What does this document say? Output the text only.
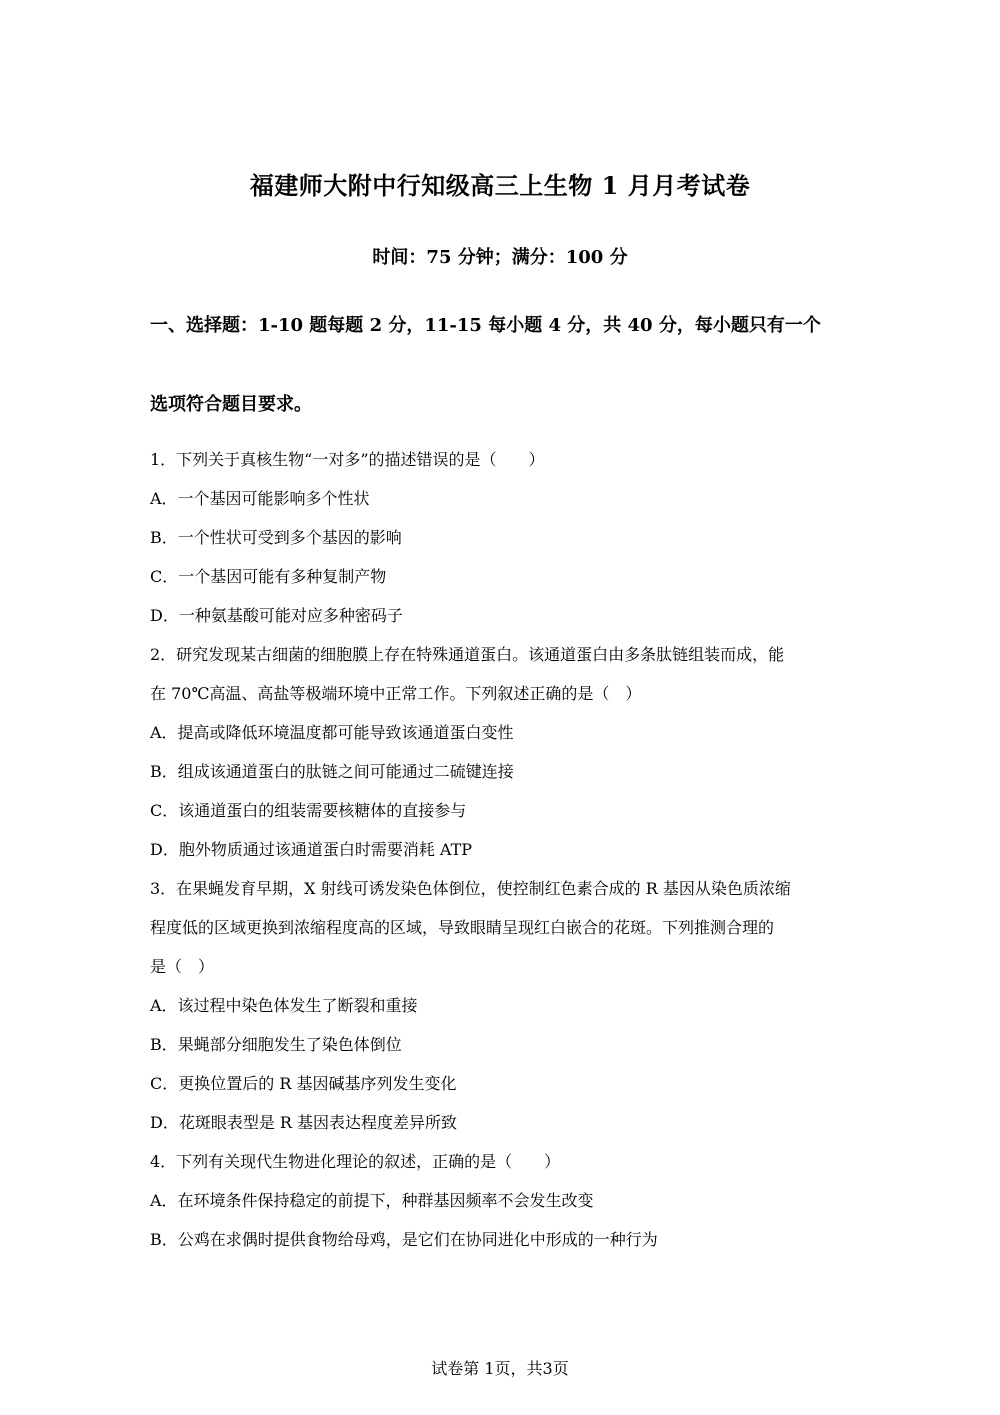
福建师大附中行知级高三上生物 1 月月考试卷
时间：75 分钟；满分：100 分
一、选择题：1-10 题每题 2 分，11-15 每小题 4 分，共 40 分，每小题只有一个
选项符合题目要求。
1．下列关于真核生物“一对多”的描述错误的是（　　）
A．一个基因可能影响多个性状
B．一个性状可受到多个基因的影响
C．一个基因可能有多种复制产物
D．一种氨基酸可能对应多种密码子
2．研究发现某古细菌的细胞膜上存在特殊通道蛋白。该通道蛋白由多条肽链组装而成，能
在 70℃高温、高盐等极端环境中正常工作。下列叙述正确的是（　）
A．提高或降低环境温度都可能导致该通道蛋白变性
B．组成该通道蛋白的肽链之间可能通过二硫键连接
C．该通道蛋白的组装需要核糖体的直接参与
D．胞外物质通过该通道蛋白时需要消耗 ATP
3．在果蝇发育早期，X 射线可诱发染色体倒位，使控制红色素合成的 R 基因从染色质浓缩
程度低的区域更换到浓缩程度高的区域，导致眼睛呈现红白嵌合的花斑。下列推测合理的
是（　）
A．该过程中染色体发生了断裂和重接
B．果蝇部分细胞发生了染色体倒位
C．更换位置后的 R 基因碱基序列发生变化
D．花斑眼表型是 R 基因表达程度差异所致
4．下列有关现代生物进化理论的叙述，正确的是（　　）
A．在环境条件保持稳定的前提下，种群基因频率不会发生改变
B．公鸡在求偶时提供食物给母鸡，是它们在协同进化中形成的一种行为
试卷第 1页，共3页
